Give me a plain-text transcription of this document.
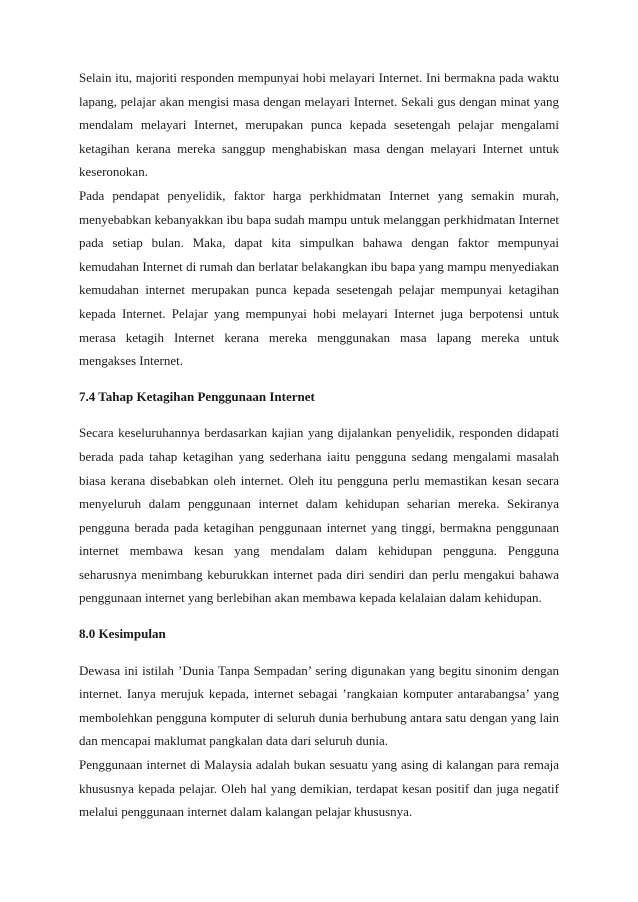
Selain itu, majoriti responden mempunyai hobi melayari Internet. Ini bermakna pada waktu lapang, pelajar akan mengisi masa dengan melayari Internet. Sekali gus dengan minat yang mendalam melayari Internet, merupakan punca kepada sesetengah pelajar mengalami ketagihan kerana mereka sanggup menghabiskan masa dengan melayari Internet untuk keseronokan.

Pada pendapat penyelidik, faktor harga perkhidmatan Internet yang semakin murah, menyebabkan kebanyakkan ibu bapa sudah mampu untuk melanggan perkhidmatan Internet pada setiap bulan. Maka, dapat kita simpulkan bahawa dengan faktor mempunyai kemudahan Internet di rumah dan berlatar belakangkan ibu bapa yang mampu menyediakan kemudahan internet merupakan punca kepada sesetengah pelajar mempunyai ketagihan kepada Internet. Pelajar yang mempunyai hobi melayari Internet juga berpotensi untuk merasa ketagih Internet kerana mereka menggunakan masa lapang mereka untuk mengakses Internet.

7.4 Tahap Ketagihan Penggunaan Internet

Secara keseluruhannya berdasarkan kajian yang dijalankan penyelidik, responden didapati berada pada tahap ketagihan yang sederhana iaitu pengguna sedang mengalami masalah biasa kerana disebabkan oleh internet. Oleh itu pengguna perlu memastikan kesan secara menyeluruh dalam penggunaan internet dalam kehidupan seharian mereka. Sekiranya pengguna berada pada ketagihan penggunaan internet yang tinggi, bermakna penggunaan internet membawa kesan yang mendalam dalam kehidupan pengguna. Pengguna seharusnya menimbang keburukkan internet pada diri sendiri dan perlu mengakui bahawa penggunaan internet yang berlebihan akan membawa kepada kelalaian dalam kehidupan.

8.0 Kesimpulan

Dewasa ini istilah ’Dunia Tanpa Sempadan’ sering digunakan yang begitu sinonim dengan internet. Ianya merujuk kepada, internet sebagai ’rangkaian komputer antarabangsa’ yang membolehkan pengguna komputer di seluruh dunia berhubung antara satu dengan yang lain dan mencapai maklumat pangkalan data dari seluruh dunia.

Penggunaan internet di Malaysia adalah bukan sesuatu yang asing di kalangan para remaja khususnya kepada pelajar. Oleh hal yang demikian, terdapat kesan positif dan juga negatif melalui penggunaan internet dalam kalangan pelajar khususnya.
